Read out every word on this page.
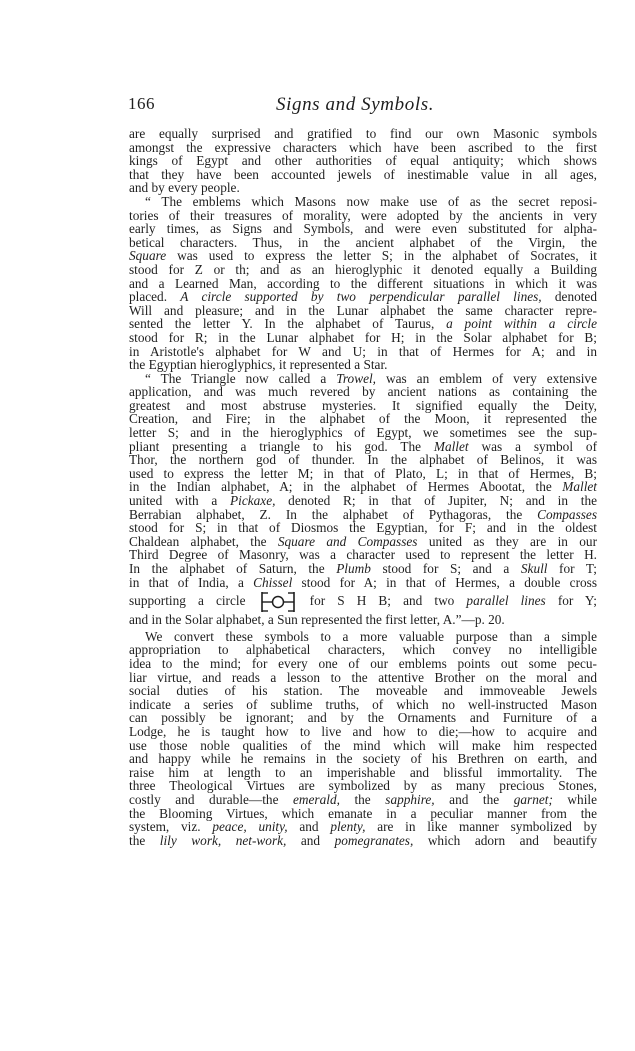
166	Signs and Symbols.
are equally surprised and gratified to find our own Masonic symbols
amongst the expressive characters which have been ascribed to the first
kings of Egypt and other authorities of equal antiquity; which shows
that they have been accounted jewels of inestimable value in all ages,
and by every people.
“ The emblems which Masons now make use of as the secret reposi-
tories of their treasures of morality, were adopted by the ancients in very
early times, as Signs and Symbols, and were even substituted for alpha-
betical characters. Thus, in the ancient alphabet of the Virgin, the
Square was used to express the letter S; in the alphabet of Socrates, it
stood for Z or th; and as an hieroglyphic it denoted equally a Building
and a Learned Man, according to the different situations in which it was
placed. A circle supported by two perpendicular parallel lines, denoted
Will and pleasure; and in the Lunar alphabet the same character repre-
sented the letter Y. In the alphabet of Taurus, a point within a circle
stood for R; in the Lunar alphabet for H; in the Solar alphabet for B;
in Aristotle's alphabet for W and U; in that of Hermes for A; and in
the Egyptian hieroglyphics, it represented a Star.
“ The Triangle now called a Trowel, was an emblem of very extensive
application, and was much revered by ancient nations as containing the
greatest and most abstruse mysteries. It signified equally the Deity,
Creation, and Fire; in the alphabet of the Moon, it represented the
letter S; and in the hieroglyphics of Egypt, we sometimes see the sup-
pliant presenting a triangle to his god. The Mallet was a symbol of
Thor, the northern god of thunder. In the alphabet of Belinos, it was
used to express the letter M; in that of Plato, L; in that of Hermes, B;
in the Indian alphabet, A; in the alphabet of Hermes Abootat, the Mallet
united with a Pickaxe, denoted R; in that of Jupiter, N; and in the
Berrabian alphabet, Z. In the alphabet of Pythagoras, the Compasses
stood for S; in that of Diosmos the Egyptian, for F; and in the oldest
Chaldean alphabet, the Square and Compasses united as they are in our
Third Degree of Masonry, was a character used to represent the letter H.
In the alphabet of Saturn, the Plumb stood for S; and a Skull for T;
in that of India, a Chissel stood for A; in that of Hermes, a double cross
supporting a circle	for S H B; and two parallel lines for Y;
and in the Solar alphabet, a Sun represented the first letter, A.”—p. 20.
We convert these symbols to a more valuable purpose than a simple
appropriation to alphabetical characters, which convey no intelligible
idea to the mind; for every one of our emblems points out some pecu-
liar virtue, and reads a lesson to the attentive Brother on the moral and
social duties of his station. The moveable and immoveable Jewels
indicate a series of sublime truths, of which no well-instructed Mason
can possibly be ignorant; and by the Ornaments and Furniture of a
Lodge, he is taught how to live and how to die;—how to acquire and
use those noble qualities of the mind which will make him respected
and happy while he remains in the society of his Brethren on earth, and
raise him at length to an imperishable and blissful immortality. The
three Theological Virtues are symbolized by as many precious Stones,
costly and durable—the emerald, the sapphire, and the garnet; while
the Blooming Virtues, which emanate in a peculiar manner from the
system, viz. peace, unity, and plenty, are in like manner symbolized by
the lily work, net-work, and pomegranates, which adorn and beautify
